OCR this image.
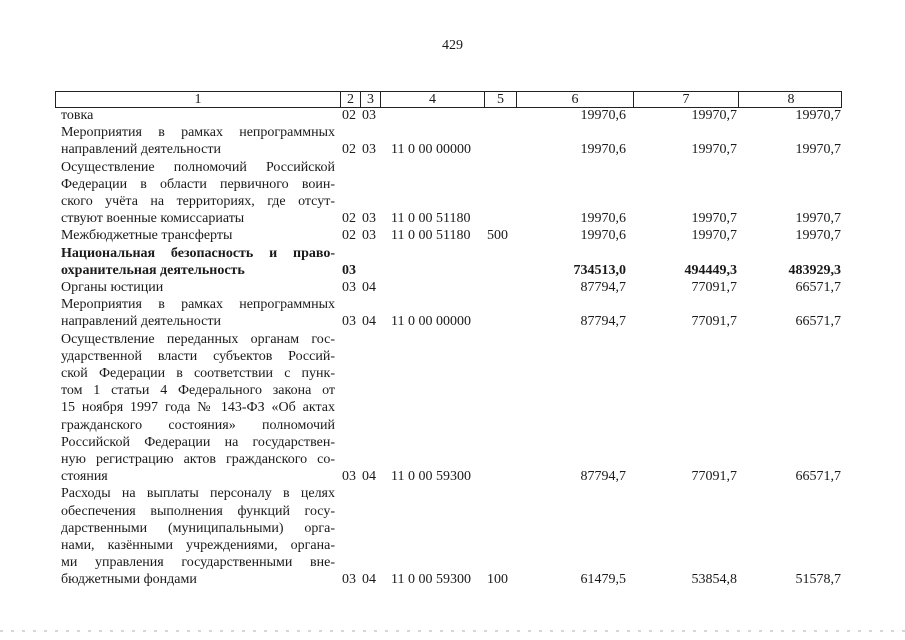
429
1	2 3	4	5	6	7	8
товка	02 03	19970,6	19970,7	19970,7
Мероприятия в рамках непрограммных
направлений деятельности	02 03 11 0 00 00000	19970,6	19970,7	19970,7
Осуществление полномочий Российской
Федерации в области первичного воин-
ского учёта на территориях, где отсут-
ствуют военные комиссариаты	02 03 11 0 00 51180	19970,6	19970,7	19970,7
Межбюджетные трансферты	02 03 11 0 00 51180 500	19970,6	19970,7	19970,7
Национальная безопасность и право-
охранительная деятельность	03	734513,0	494449,3	483929,3
Органы юстиции	03 04	87794,7	77091,7	66571,7
Мероприятия в рамках непрограммных
направлений деятельности	03 04 11 0 00 00000	87794,7	77091,7	66571,7
Осуществление переданных органам гос-
ударственной власти субъектов Россий-
ской Федерации в соответствии с пунк-
том 1 статьи 4 Федерального закона от
15 ноября 1997 года № 143-ФЗ «Об актах
гражданского состояния» полномочий
Российской Федерации на государствен-
ную регистрацию актов гражданского со-
стояния	03 04 11 0 00 59300	87794,7	77091,7	66571,7
Расходы на выплаты персоналу в целях
обеспечения выполнения функций госу-
дарственными (муниципальными) орга-
нами, казёнными учреждениями, органа-
ми управления государственными вне-
бюджетными фондами	03 04 11 0 00 59300 100	61479,5	53854,8	51578,7
